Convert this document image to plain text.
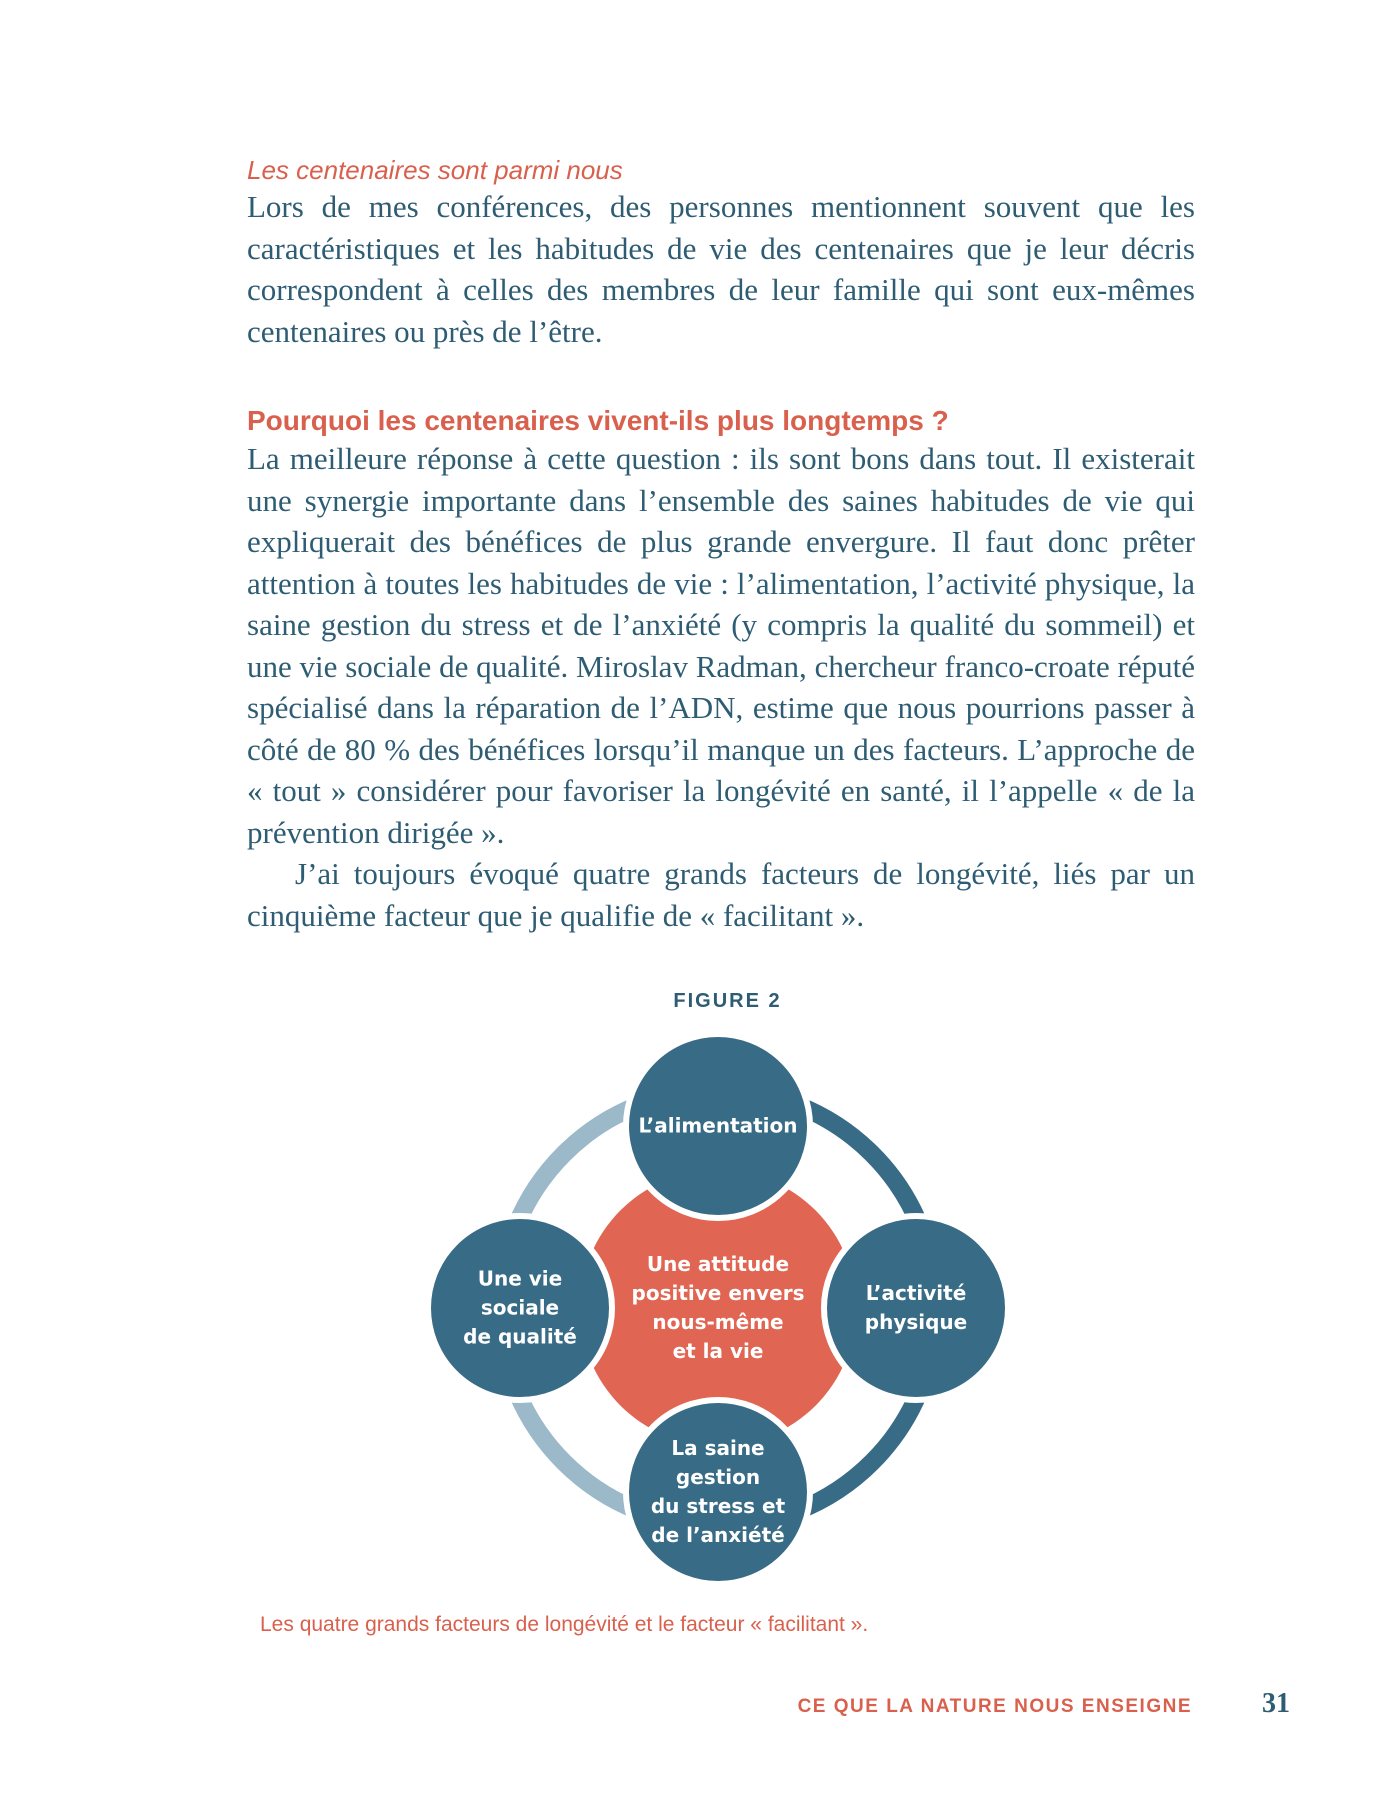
Les centenaires sont parmi nous

Lors de mes conférences, des personnes mentionnent souvent que les caractéristiques et les habitudes de vie des centenaires que je leur décris correspondent à celles des membres de leur famille qui sont eux-mêmes centenaires ou près de l’être.

Pourquoi les centenaires vivent-ils plus longtemps ?

La meilleure réponse à cette question : ils sont bons dans tout. Il existerait une synergie importante dans l’ensemble des saines habitudes de vie qui expliquerait des bénéfices de plus grande envergure. Il faut donc prêter attention à toutes les habitudes de vie : l’alimentation, l’activité physique, la saine gestion du stress et de l’anxiété (y compris la qualité du sommeil) et une vie sociale de qualité. Miroslav Radman, chercheur franco-croate réputé spécialisé dans la réparation de l’ADN, estime que nous pourrions passer à côté de 80 % des bénéfices lorsqu’il manque un des facteurs. L’approche de « tout » considérer pour favoriser la longévité en santé, il l’appelle « de la prévention dirigée ».

J’ai toujours évoqué quatre grands facteurs de longévité, liés par un cinquième facteur que je qualifie de « facilitant ».

FIGURE 2
Une attitude
positive envers
nous-même
et la vie
L’alimentation
L’activité
physique
La saine
gestion
du stress et
de l’anxiété
Une vie
sociale
de qualité
Les quatre grands facteurs de longévité et le facteur « facilitant ».
CE QUE LA NATURE NOUS ENSEIGNE	31
